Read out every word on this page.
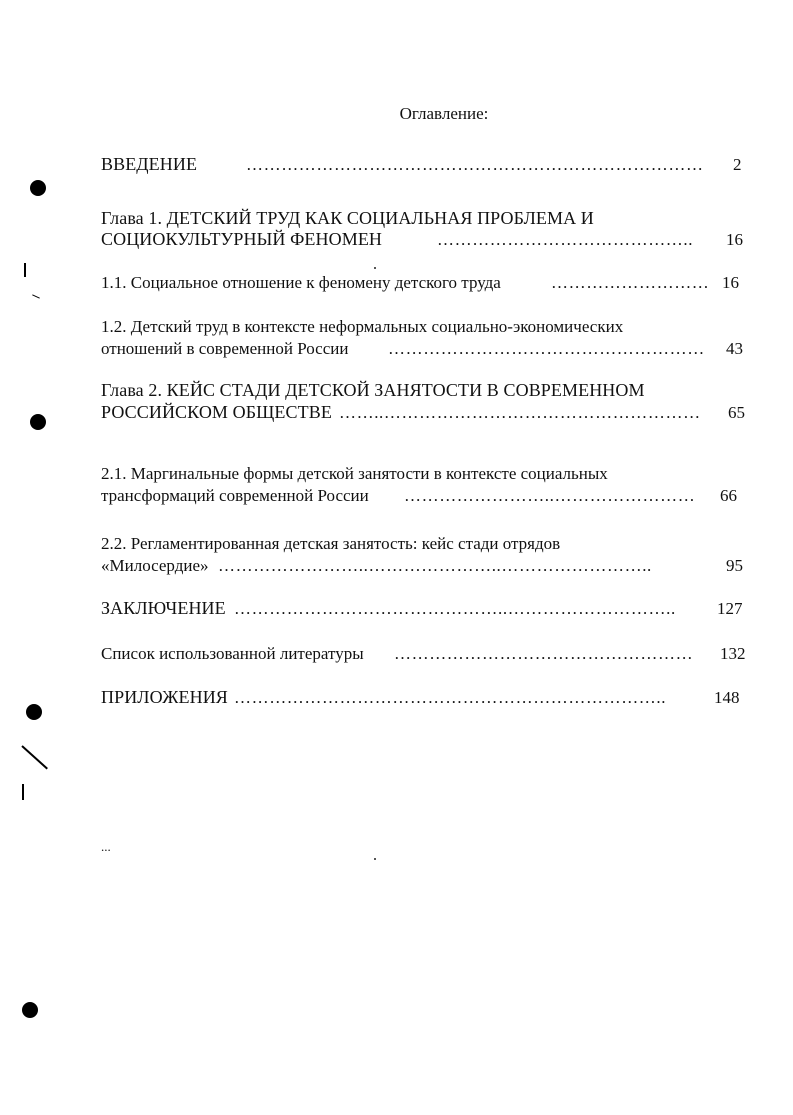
Оглавление:
ВВЕДЕНИЕ	…………………………………………………………………… 2
Глава 1. ДЕТСКИЙ ТРУД КАК СОЦИАЛЬНАЯ ПРОБЛЕМА И
СОЦИОКУЛЬТУРНЫЙ ФЕНОМЕН	…………………………………….. 16
1.1. Социальное отношение к феномену детского труда	……………………… 16
1.2. Детский труд в контексте неформальных социально-экономических
отношений в современной России ……………………………………………… 43
Глава 2. КЕЙС СТАДИ ДЕТСКОЙ ЗАНЯТОСТИ В СОВРЕМЕННОМ
РОССИЙСКОМ ОБЩЕСТВЕ ……..……………………………………………… 65
2.1. Маргинальные формы детской занятости в контексте социальных
трансформаций современной России ……………………..…………………… 66
2.2. Регламентированная детская занятость: кейс стади отрядов
«Милосердие» ……………………..…………………..……………………..	95
ЗАКЛЮЧЕНИЕ ………………………………………..……………………….. 127
Список использованной литературы …………………………………………… 132
ПРИЛОЖЕНИЯ ………………………………………………………………..	148
...
